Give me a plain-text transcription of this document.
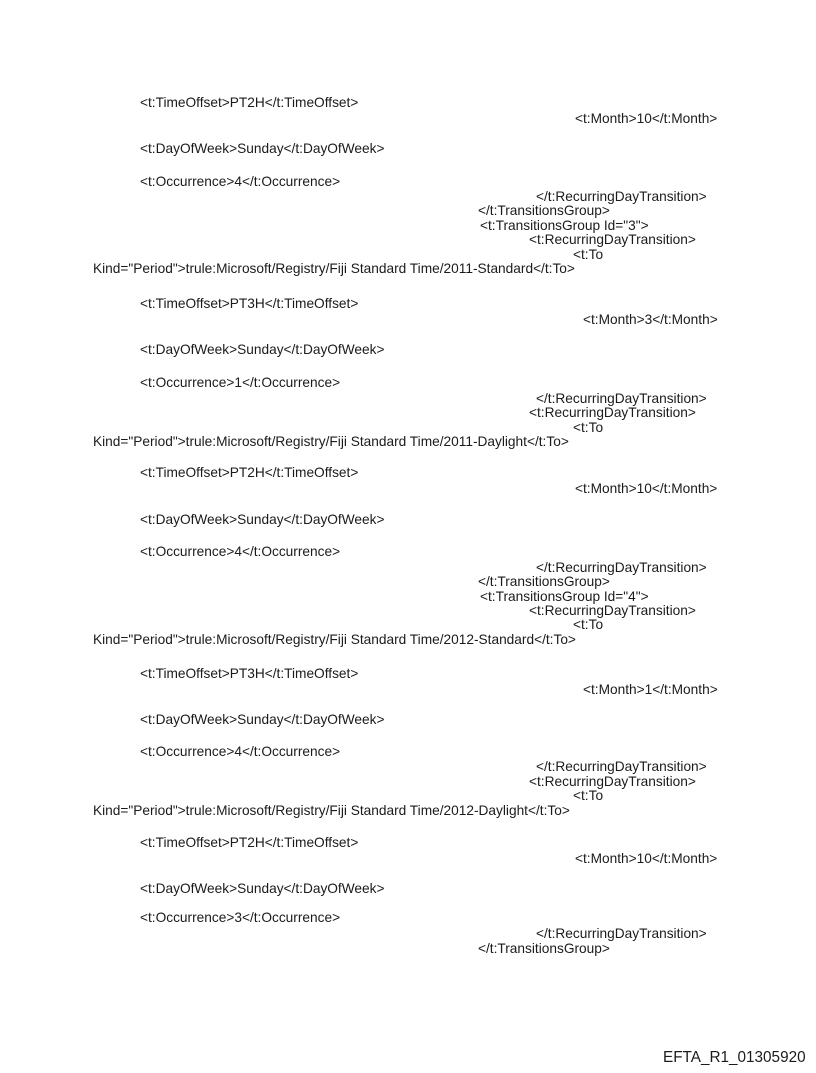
<t:TimeOffset>PT2H</t:TimeOffset>
<t:Month>10</t:Month>
<t:DayOfWeek>Sunday</t:DayOfWeek>
<t:Occurrence>4</t:Occurrence>
</t:RecurringDayTransition>
</t:TransitionsGroup>
<t:TransitionsGroup Id="3">
<t:RecurringDayTransition>
<t:To
Kind="Period">trule:Microsoft/Registry/Fiji Standard Time/2011-Standard</t:To>
<t:TimeOffset>PT3H</t:TimeOffset>
<t:Month>3</t:Month>
<t:DayOfWeek>Sunday</t:DayOfWeek>
<t:Occurrence>1</t:Occurrence>
</t:RecurringDayTransition>
<t:RecurringDayTransition>
<t:To
Kind="Period">trule:Microsoft/Registry/Fiji Standard Time/2011-Daylight</t:To>
<t:TimeOffset>PT2H</t:TimeOffset>
<t:Month>10</t:Month>
<t:DayOfWeek>Sunday</t:DayOfWeek>
<t:Occurrence>4</t:Occurrence>
</t:RecurringDayTransition>
</t:TransitionsGroup>
<t:TransitionsGroup Id="4">
<t:RecurringDayTransition>
<t:To
Kind="Period">trule:Microsoft/Registry/Fiji Standard Time/2012-Standard</t:To>
<t:TimeOffset>PT3H</t:TimeOffset>
<t:Month>1</t:Month>
<t:DayOfWeek>Sunday</t:DayOfWeek>
<t:Occurrence>4</t:Occurrence>
</t:RecurringDayTransition>
<t:RecurringDayTransition>
<t:To
Kind="Period">trule:Microsoft/Registry/Fiji Standard Time/2012-Daylight</t:To>
<t:TimeOffset>PT2H</t:TimeOffset>
<t:Month>10</t:Month>
<t:DayOfWeek>Sunday</t:DayOfWeek>
<t:Occurrence>3</t:Occurrence>
</t:RecurringDayTransition>
</t:TransitionsGroup>
EFTA_R1_01305920
